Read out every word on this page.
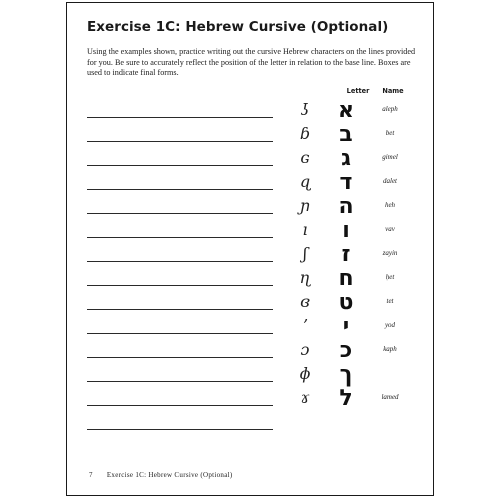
Exercise 1C: Hebrew Cursive (Optional)
Using the examples shown, practice writing out the cursive Hebrew characters on the lines provided for you. Be sure to accurately reflect the position of the letter in relation to the base line. Boxes are used to indicate final forms.
Letter	Name
ʖ	א	aleph
ɓ	ב	bet
ɢ	ג	gimel
ɋ	ד	dalet
ɲ	ה	heh
ı	ו	vav
ʃ	ז	zayin
ɳ	ח	ḥet
ɞ	ט	tet
ʼ	י	yod
ɔ	כ	kaph
ɸ	ך
ɤ	ל	lamed
7 Exercise 1C: Hebrew Cursive (Optional)
